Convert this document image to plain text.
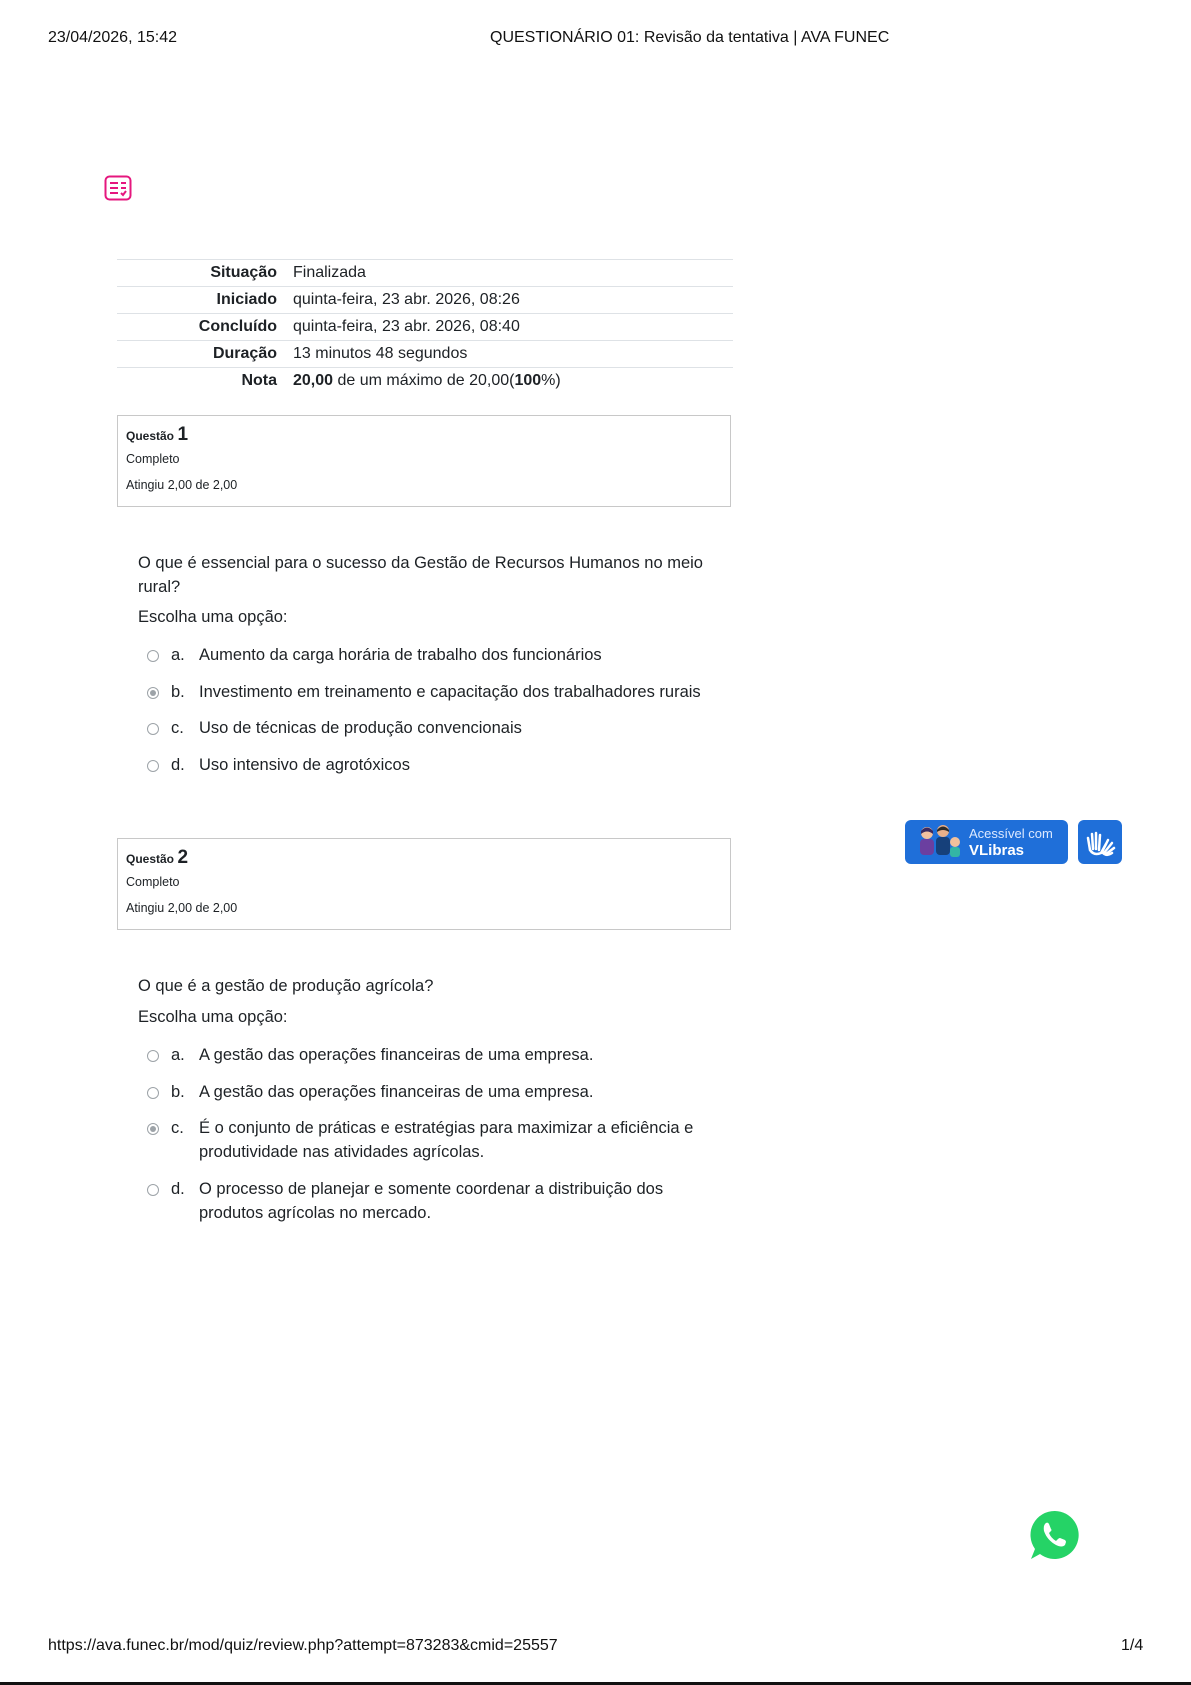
23/04/2026, 15:42	QUESTIONÁRIO 01: Revisão da tentativa | AVA FUNEC
Situação	Finalizada
Iniciado	quinta-feira, 23 abr. 2026, 08:26
Concluído	quinta-feira, 23 abr. 2026, 08:40
Duração	13 minutos 48 segundos
Nota	20,00 de um máximo de 20,00(100%)
Questão 1
Completo
Atingiu 2,00 de 2,00
O que é essencial para o sucesso da Gestão de Recursos Humanos no meio rural?
Escolha uma opção:
a. Aumento da carga horária de trabalho dos funcionários
b. Investimento em treinamento e capacitação dos trabalhadores rurais
c. Uso de técnicas de produção convencionais
d. Uso intensivo de agrotóxicos
Questão 2
Completo
Atingiu 2,00 de 2,00
O que é a gestão de produção agrícola?
Escolha uma opção:
a. A gestão das operações financeiras de uma empresa.
b. A gestão das operações financeiras de uma empresa.
c. É o conjunto de práticas e estratégias para maximizar a eficiência e produtividade nas atividades agrícolas.
d. O processo de planejar e somente coordenar a distribuição dos produtos agrícolas no mercado.
Acessível com
VLibras
https://ava.funec.br/mod/quiz/review.php?attempt=873283&cmid=25557	1/4
